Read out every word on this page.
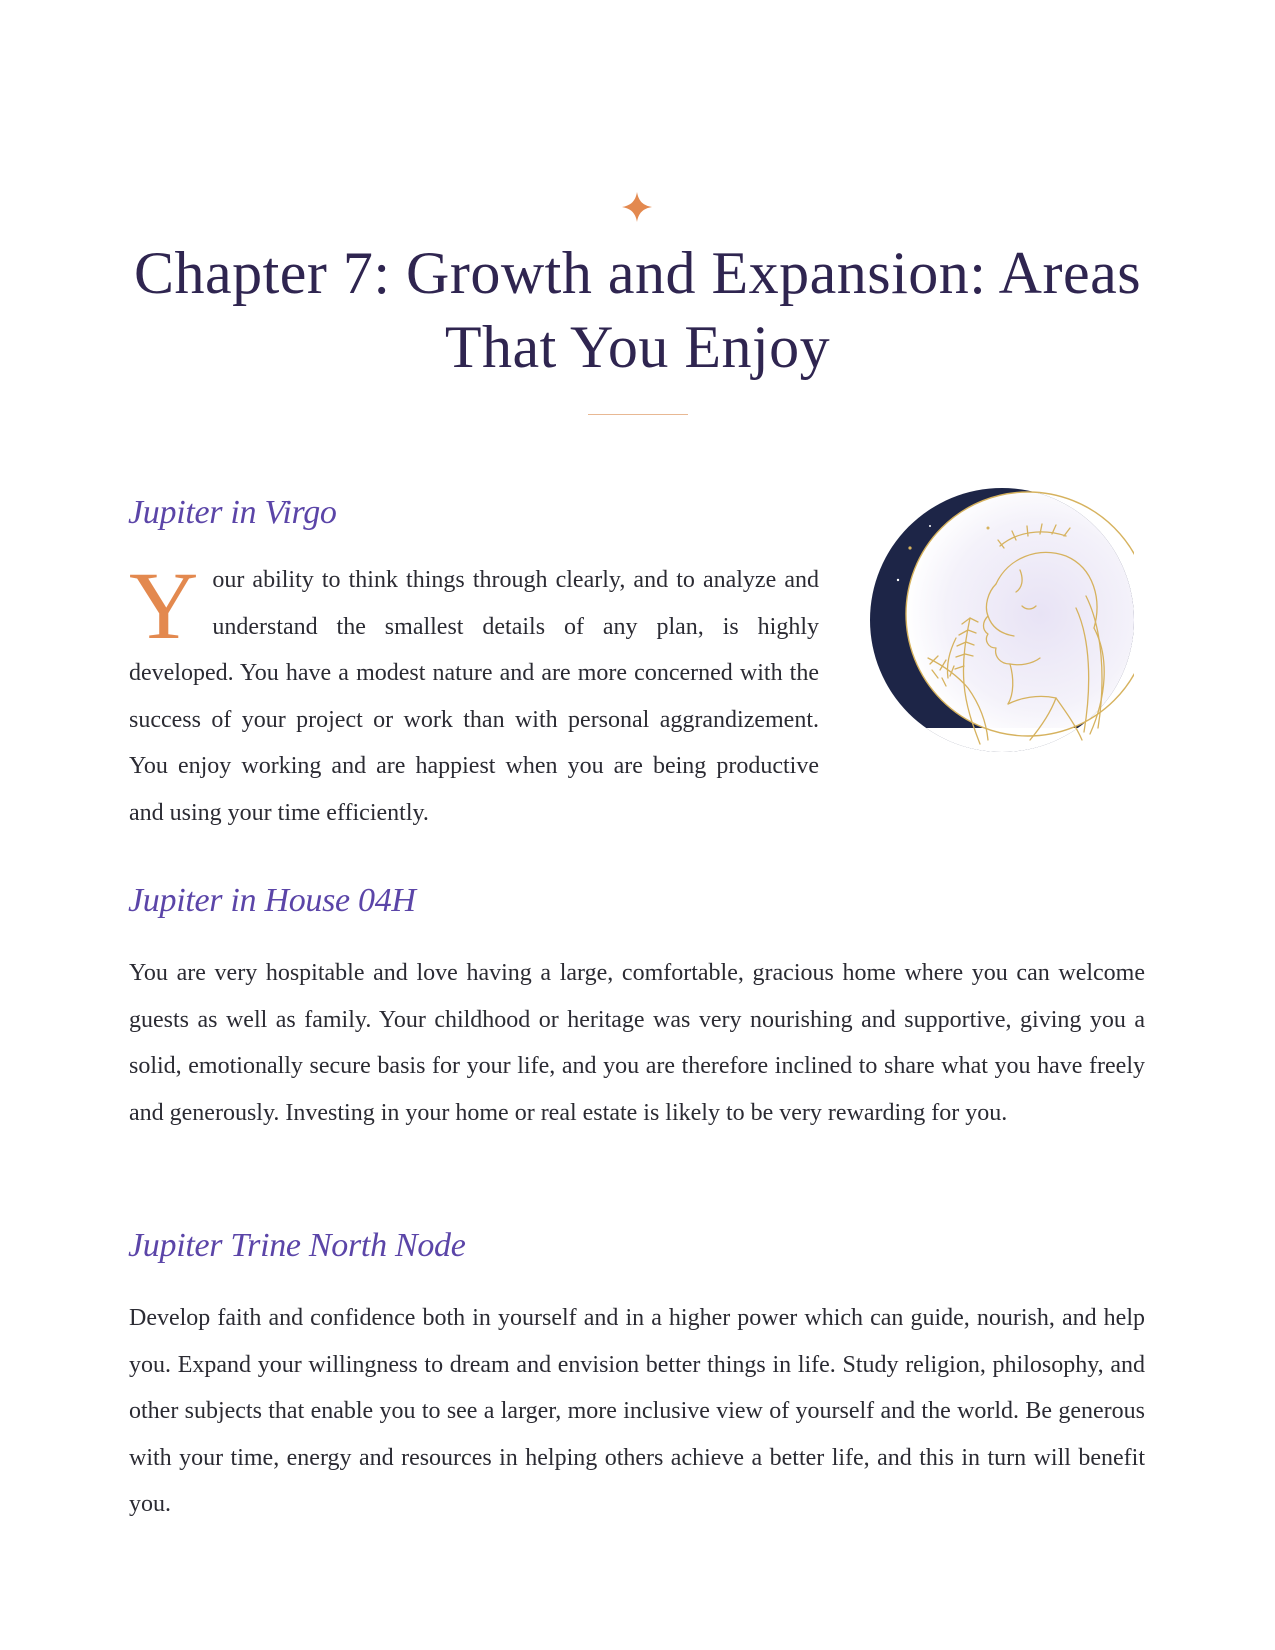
Chapter 7: Growth and Expansion: Areas That You Enjoy
Jupiter in Virgo

Your ability to think things through clearly, and to analyze and understand the smallest details of any plan, is highly developed. You have a modest nature and are more concerned with the success of your project or work than with personal aggrandizement. You enjoy working and are happiest when you are being productive and using your time efficiently.

Jupiter in House 04H

You are very hospitable and love having a large, comfortable, gracious home where you can welcome guests as well as family. Your childhood or heritage was very nourishing and supportive, giving you a solid, emotionally secure basis for your life, and you are therefore inclined to share what you have freely and generously. Investing in your home or real estate is likely to be very rewarding for you.

Jupiter Trine North Node

Develop faith and confidence both in yourself and in a higher power which can guide, nourish, and help you. Expand your willingness to dream and envision better things in life. Study religion, philosophy, and other subjects that enable you to see a larger, more inclusive view of yourself and the world. Be generous with your time, energy and resources in helping others achieve a better life, and this in turn will benefit you.
